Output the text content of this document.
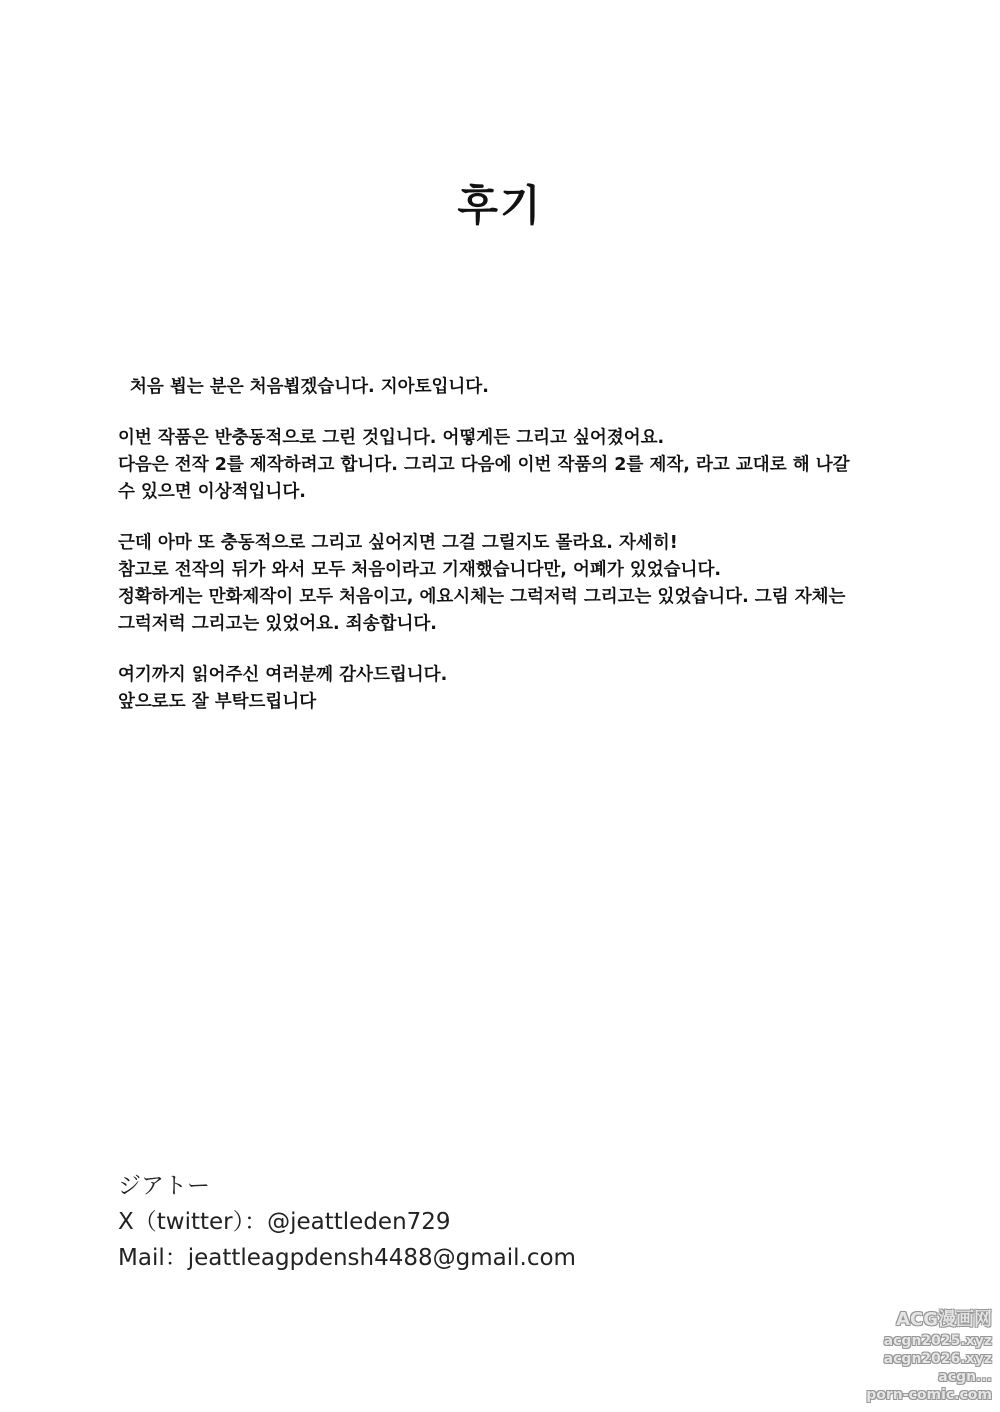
후기

처음 뵙는 분은 처음뵙겠습니다. 지아토입니다.

이번 작품은 반충동적으로 그린 것입니다. 어떻게든 그리고 싶어졌어요.
다음은 전작 2를 제작하려고 합니다. 그리고 다음에 이번 작품의 2를 제작, 라고 교대로 해 나갈
수 있으면 이상적입니다.

근데 아마 또 충동적으로 그리고 싶어지면 그걸 그릴지도 몰라요. 자세히!
참고로 전작의 뒤가 와서 모두 처음이라고 기재했습니다만, 어폐가 있었습니다.
정확하게는 만화제작이 모두 처음이고, 에요시체는 그럭저럭 그리고는 있었습니다. 그림 자체는
그럭저럭 그리고는 있었어요. 죄송합니다.

여기까지 읽어주신 여러분께 감사드립니다.
앞으로도 잘 부탁드립니다

ジアトー
X（twitter）：@jeattleden729
Mail：jeattleagpdensh4488@gmail.com
ACG漫画网
acgn2025.xyz
acgn2026.xyz
acgn...
porn-comic.com
